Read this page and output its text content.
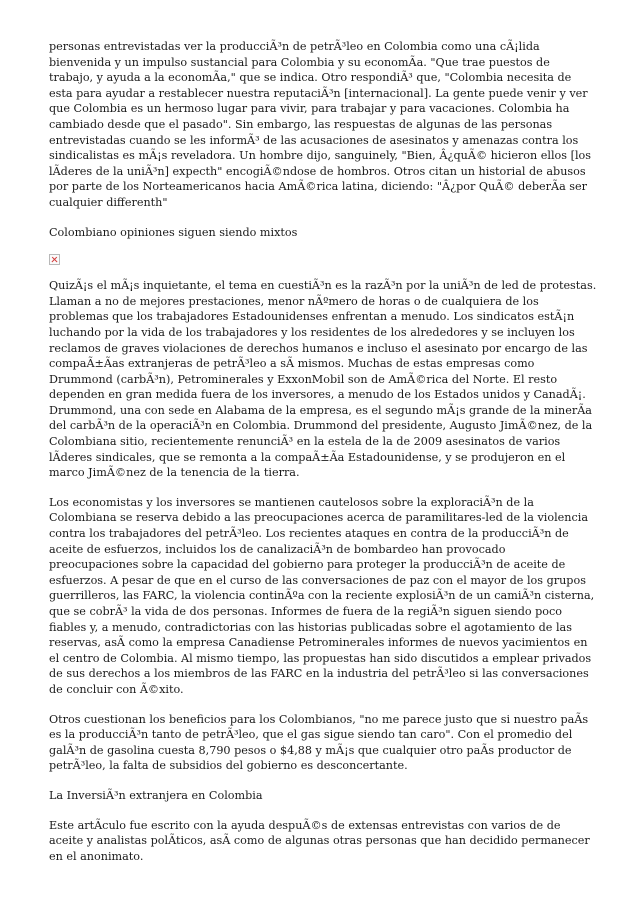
personas entrevistadas ver la producciÃ³n de petrÃ³leo en Colombia como una cÃ¡lida bienvenida y un impulso sustancial para Colombia y su economÃa. "Que trae puestos de trabajo, y ayuda a la economÃa," que se indica. Otro respondiÃ³ que, "Colombia necesita de esta para ayudar a restablecer nuestra reputaciÃ³n [internacional]. La gente puede venir y ver que Colombia es un hermoso lugar para vivir, para trabajar y para vacaciones. Colombia ha cambiado desde que el pasado". Sin embargo, las respuestas de algunas de las personas entrevistadas cuando se les informÃ³ de las acusaciones de asesinatos y amenazas contra los sindicalistas es mÃ¡s reveladora. Un hombre dijo, sanguinely, "Bien, Â¿quÃ© hicieron ellos [los lÃderes de la uniÃ³n] expecth" encogiÃ©ndose de hombros. Otros citan un historial de abusos por parte de los Norteamericanos hacia AmÃ©rica latina, diciendo: "Â¿por QuÃ© deberÃa ser cualquier differenth"

Colombiano opiniones siguen siendo mixtos

QuizÃ¡s el mÃ¡s inquietante, el tema en cuestiÃ³n es la razÃ³n por la uniÃ³n de led de protestas. Llaman a no de mejores prestaciones, menor nÃºmero de horas o de cualquiera de los problemas que los trabajadores Estadounidenses enfrentan a menudo. Los sindicatos estÃ¡n luchando por la vida de los trabajadores y los residentes de los alrededores y se incluyen los reclamos de graves violaciones de derechos humanos e incluso el asesinato por encargo de las compaÃ±Ãas extranjeras de petrÃ³leo a sÃ mismos. Muchas de estas empresas como Drummond (carbÃ³n), Petrominerales y ExxonMobil son de AmÃ©rica del Norte. El resto dependen en gran medida fuera de los inversores, a menudo de los Estados unidos y CanadÃ¡. Drummond, una con sede en Alabama de la empresa, es el segundo mÃ¡s grande de la minerÃa del carbÃ³n de la operaciÃ³n en Colombia. Drummond del presidente, Augusto JimÃ©nez, de la Colombiana sitio, recientemente renunciÃ³ en la estela de la de 2009 asesinatos de varios lÃderes sindicales, que se remonta a la compaÃ±Ãa Estadounidense, y se produjeron en el marco JimÃ©nez de la tenencia de la tierra.

Los economistas y los inversores se mantienen cautelosos sobre la exploraciÃ³n de la Colombiana se reserva debido a las preocupaciones acerca de paramilitares-led de la violencia contra los trabajadores del petrÃ³leo. Los recientes ataques en contra de la producciÃ³n de aceite de esfuerzos, incluidos los de canalizaciÃ³n de bombardeo han provocado preocupaciones sobre la capacidad del gobierno para proteger la producciÃ³n de aceite de esfuerzos. A pesar de que en el curso de las conversaciones de paz con el mayor de los grupos guerrilleros, las FARC, la violencia continÃºa con la reciente explosiÃ³n de un camiÃ³n cisterna, que se cobrÃ³ la vida de dos personas. Informes de fuera de la regiÃ³n siguen siendo poco fiables y, a menudo, contradictorias con las historias publicadas sobre el agotamiento de las reservas, asÃ como la empresa Canadiense Petrominerales informes de nuevos yacimientos en el centro de Colombia. Al mismo tiempo, las propuestas han sido discutidos a emplear privados de sus derechos a los miembros de las FARC en la industria del petrÃ³leo si las conversaciones de concluir con Ã©xito.

Otros cuestionan los beneficios para los Colombianos, "no me parece justo que si nuestro paÃs es la producciÃ³n tanto de petrÃ³leo, que el gas sigue siendo tan caro". Con el promedio del galÃ³n de gasolina cuesta 8,790 pesos o $4,88 y mÃ¡s que cualquier otro paÃs productor de petrÃ³leo, la falta de subsidios del gobierno es desconcertante.

La InversiÃ³n extranjera en Colombia

Este artÃculo fue escrito con la ayuda despuÃ©s de extensas entrevistas con varios de de aceite y analistas polÃticos, asÃ como de algunas otras personas que han decidido permanecer en el anonimato.
